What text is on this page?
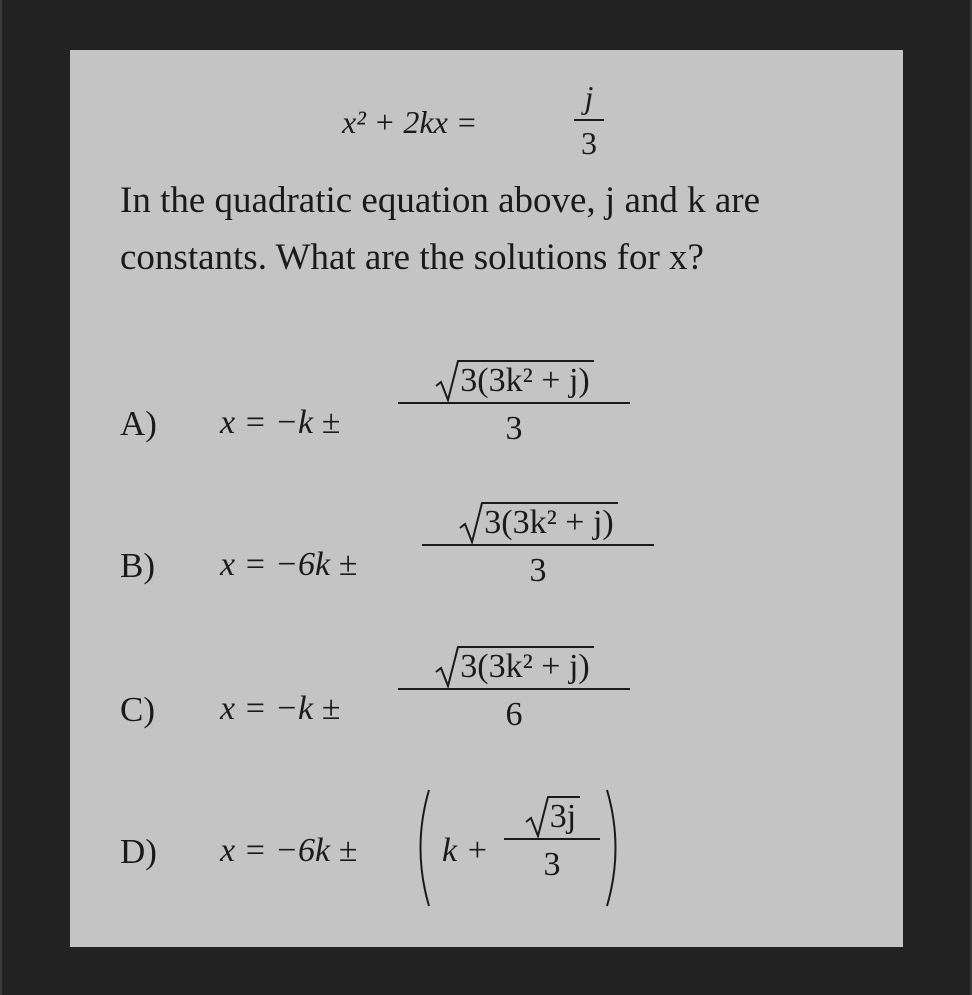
x² + 2kx =
j
3
In the quadratic equation above, j and k are constants. What are the solutions for x?
A) x = −k ±
3(3k² + j)
3
B) x = −6k ±
3(3k² + j)
3
C) x = −k ±
3(3k² + j)
6
D) x = −6k ± k +
3j
3
